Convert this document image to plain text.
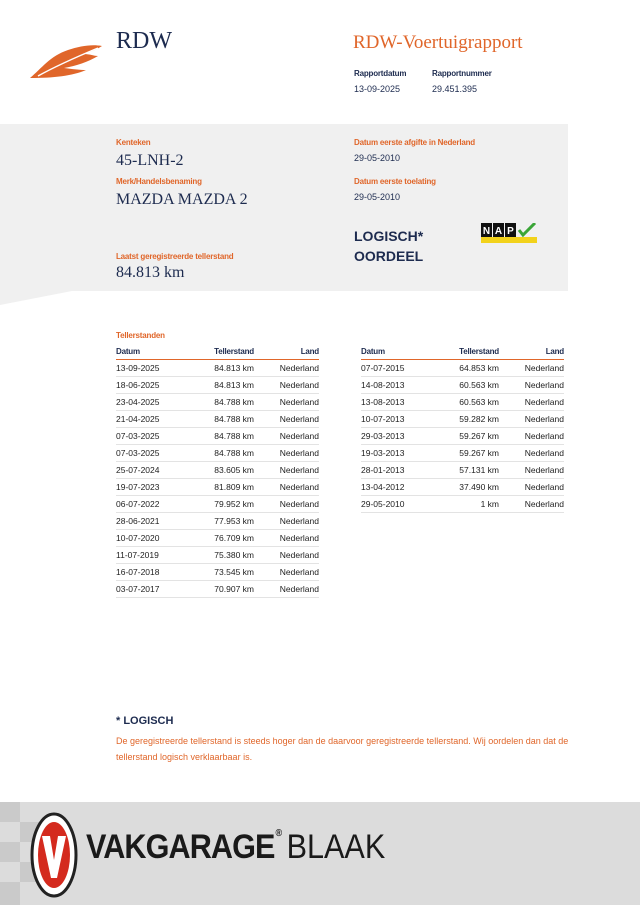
RDW	RDW-Voertuigrapport
Rapportdatum
13-09-2025
Rapportnummer
29.451.395
Kenteken
45-LNH-2
Merk/Handelsbenaming
MAZDA MAZDA 2
Laatst geregistreerde tellerstand
84.813 km
Datum eerste afgifte in Nederland
29-05-2010
Datum eerste toelating
29-05-2010
LOGISCH*
OORDEEL
N A P
Tellerstanden
Datum	Tellerstand	Land
13-09-2025	84.813 km	Nederland
18-06-2025	84.813 km	Nederland
23-04-2025	84.788 km	Nederland
21-04-2025	84.788 km	Nederland
07-03-2025	84.788 km	Nederland
07-03-2025	84.788 km	Nederland
25-07-2024	83.605 km	Nederland
19-07-2023	81.809 km	Nederland
06-07-2022	79.952 km	Nederland
28-06-2021	77.953 km	Nederland
10-07-2020	76.709 km	Nederland
11-07-2019	75.380 km	Nederland
16-07-2018	73.545 km	Nederland
03-07-2017	70.907 km	Nederland
Datum	Tellerstand	Land
07-07-2015	64.853 km	Nederland
14-08-2013	60.563 km	Nederland
13-08-2013	60.563 km	Nederland
10-07-2013	59.282 km	Nederland
29-03-2013	59.267 km	Nederland
19-03-2013	59.267 km	Nederland
28-01-2013	57.131 km	Nederland
13-04-2012	37.490 km	Nederland
29-05-2010	1 km	Nederland
* LOGISCH
De geregistreerde tellerstand is steeds hoger dan de daarvoor geregistreerde tellerstand. Wij oordelen dan dat de tellerstand logisch verklaarbaar is.
VAKGARAGE® BLAAK
